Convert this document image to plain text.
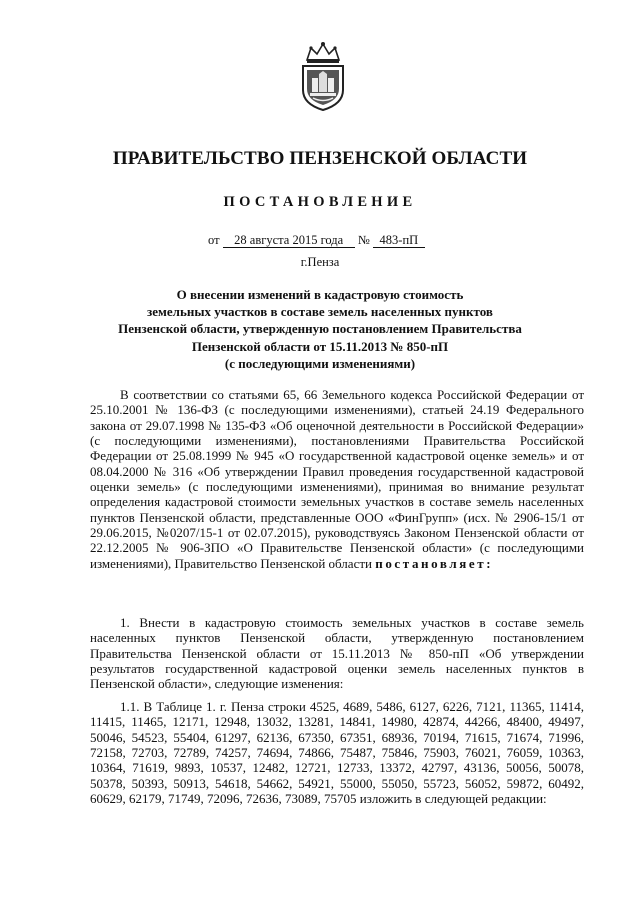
ПРАВИТЕЛЬСТВО ПЕНЗЕНСКОЙ ОБЛАСТИ
ПОСТАНОВЛЕНИЕ
от 28 августа 2015 года № 483-пП
г.Пенза
О внесении изменений в кадастровую стоимость
земельных участков в составе земель населенных пунктов
Пензенской области, утвержденную постановлением Правительства
Пензенской области от 15.11.2013 № 850-пП
(с последующими изменениями)
В соответствии со статьями 65, 66 Земельного кодекса Российской Федерации от 25.10.2001 № 136-ФЗ (с последующими изменениями), статьей 24.19 Федерального закона от 29.07.1998 № 135-ФЗ «Об оценочной деятельности в Российской Федерации» (с последующими изменениями), постановлениями Правительства Российской Федерации от 25.08.1999 № 945 «О государственной кадастровой оценке земель» и от 08.04.2000 № 316 «Об утверждении Правил проведения государственной кадастровой оценки земель» (с последующими изменениями), принимая во внимание результат определения кадастровой стоимости земельных участков в составе земель населенных пунктов Пензенской области, представленные ООО «ФинГрупп» (исх. № 2906-15/1 от 29.06.2015, №0207/15-1 от 02.07.2015), руководствуясь Законом Пензенской области от 22.12.2005 № 906-ЗПО «О Правительстве Пензенской области» (с последующими изменениями), Правительство Пензенской области постановляет:
1. Внести в кадастровую стоимость земельных участков в составе земель населенных пунктов Пензенской области, утвержденную постановлением Правительства Пензенской области от 15.11.2013 № 850-пП «Об утверждении результатов государственной кадастровой оценки земель населенных пунктов в Пензенской области», следующие изменения:
1.1. В Таблице 1. г. Пенза строки 4525, 4689, 5486, 6127, 6226, 7121, 11365, 11414, 11415, 11465, 12171, 12948, 13032, 13281, 14841, 14980, 42874, 44266, 48400, 49497, 50046, 54523, 55404, 61297, 62136, 67350, 67351, 68936, 70194, 71615, 71674, 71996, 72158, 72703, 72789, 74257, 74694, 74866, 75487, 75846, 75903, 76021, 76059, 10363, 10364, 71619, 9893, 10537, 12482, 12721, 12733, 13372, 42797, 43136, 50056, 50078, 50378, 50393, 50913, 54618, 54662, 54921, 55000, 55050, 55723, 56052, 59872, 60492, 60629, 62179, 71749, 72096, 72636, 73089, 75705 изложить в следующей редакции:
